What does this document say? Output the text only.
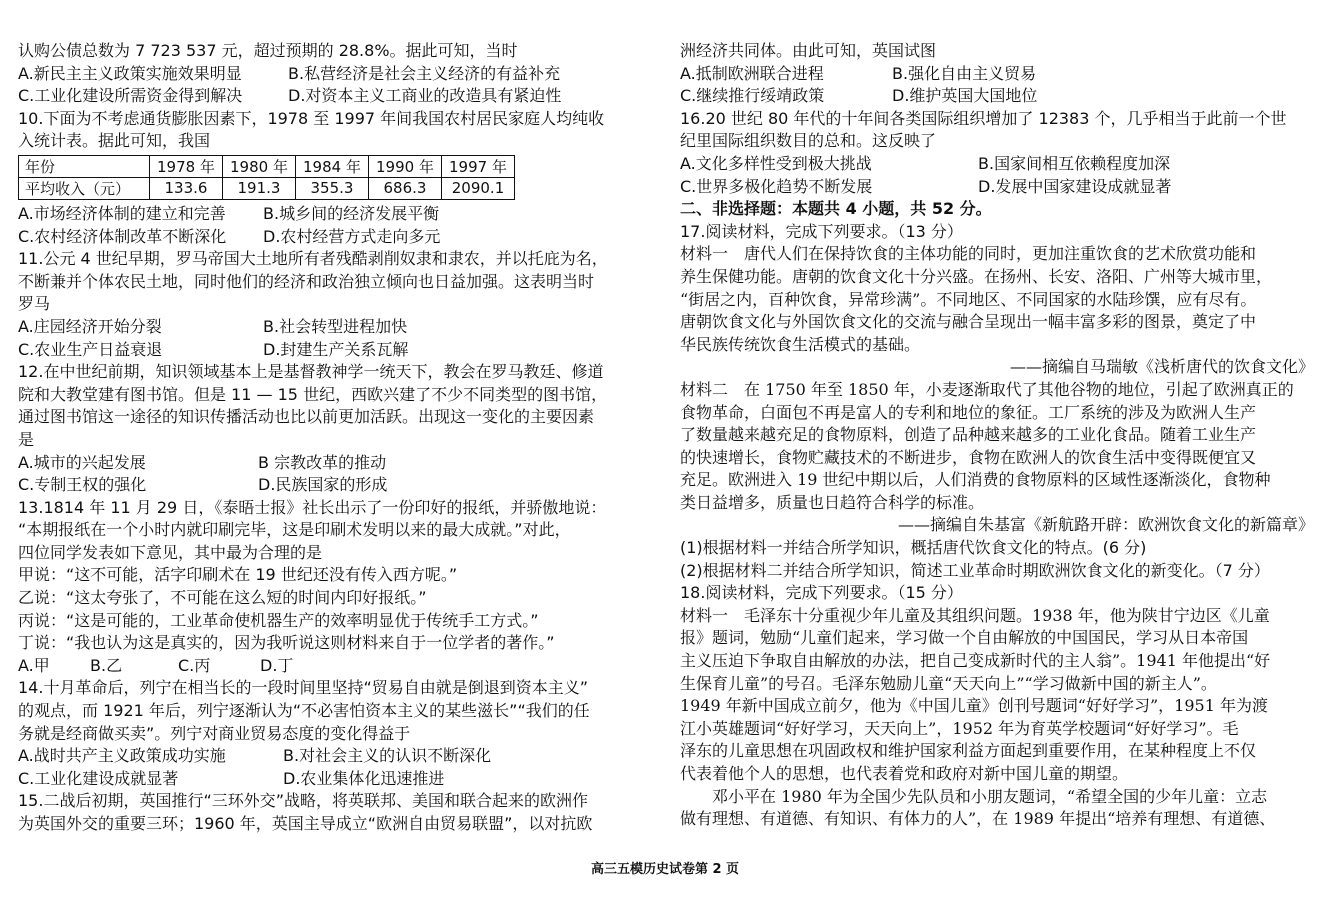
认购公债总数为 7 723 537 元，超过预期的 28.8%。据此可知，当时
A.新民主主义政策实施效果明显	B.私营经济是社会主义经济的有益补充
C.工业化建设所需资金得到解决	D.对资本主义工商业的改造具有紧迫性
10.下面为不考虑通货膨胀因素下，1978 至 1997 年间我国农村居民家庭人均纯收
入统计表。据此可知，我国
年份	1978 年	1980 年	1984 年	1990 年	1997 年
平均收入（元）	133.6	191.3	355.3	686.3	2090.1
A.市场经济体制的建立和完善	B.城乡间的经济发展平衡
C.农村经济体制改革不断深化	D.农村经营方式走向多元
11.公元 4 世纪早期，罗马帝国大土地所有者残酷剥削奴隶和隶农，并以托庇为名，
不断兼并个体农民土地，同时他们的经济和政治独立倾向也日益加强。这表明当时
罗马
A.庄园经济开始分裂	B.社会转型进程加快
C.农业生产日益衰退	D.封建生产关系瓦解
12.在中世纪前期，知识领域基本上是基督教神学一统天下，教会在罗马教廷、修道
院和大教堂建有图书馆。但是 11 — 15 世纪，西欧兴建了不少不同类型的图书馆，
通过图书馆这一途径的知识传播活动也比以前更加活跃。出现这一变化的主要因素
是
A.城市的兴起发展	B 宗教改革的推动
C.专制王权的强化	D.民族国家的形成
13.1814 年 11 月 29 日，《泰晤士报》社长出示了一份印好的报纸，并骄傲地说：
“本期报纸在一个小时内就印刷完毕，这是印刷术发明以来的最大成就。”对此，
四位同学发表如下意见，其中最为合理的是
甲说：“这不可能，活字印刷术在 19 世纪还没有传入西方呢。”
乙说：“这太夸张了，不可能在这么短的时间内印好报纸。”
丙说：“这是可能的，工业革命使机器生产的效率明显优于传统手工方式。”
丁说：“我也认为这是真实的，因为我听说这则材料来自于一位学者的著作。”
A.甲	B.乙	C.丙	D.丁
14.十月革命后，列宁在相当长的一段时间里坚持“贸易自由就是倒退到资本主义”
的观点，而 1921 年后，列宁逐渐认为“不必害怕资本主义的某些滋长”“我们的任
务就是经商做买卖”。列宁对商业贸易态度的变化得益于
A.战时共产主义政策成功实施	B.对社会主义的认识不断深化
C.工业化建设成就显著	D.农业集体化迅速推进
15.二战后初期，英国推行“三环外交”战略，将英联邦、美国和联合起来的欧洲作
为英国外交的重要三环；1960 年，英国主导成立“欧洲自由贸易联盟”，以对抗欧
洲经济共同体。由此可知，英国试图
A.抵制欧洲联合进程	B.强化自由主义贸易
C.继续推行绥靖政策	D.维护英国大国地位
16.20 世纪 80 年代的十年间各类国际组织增加了 12383 个，几乎相当于此前一个世
纪里国际组织数目的总和。这反映了
A.文化多样性受到极大挑战	B.国家间相互依赖程度加深
C.世界多极化趋势不断发展	D.发展中国家建设成就显著
二、非选择题：本题共 4 小题，共 52 分。
17.阅读材料，完成下列要求。（13 分）
材料一　唐代人们在保持饮食的主体功能的同时，更加注重饮食的艺术欣赏功能和
养生保健功能。唐朝的饮食文化十分兴盛。在扬州、长安、洛阳、广州等大城市里，
“街居之内，百种饮食，异常珍满”。不同地区、不同国家的水陆珍馔，应有尽有。
唐朝饮食文化与外国饮食文化的交流与融合呈现出一幅丰富多彩的图景，奠定了中
华民族传统饮食生活模式的基础。
——摘编自马瑞敏《浅析唐代的饮食文化》
材料二　在 1750 年至 1850 年，小麦逐渐取代了其他谷物的地位，引起了欧洲真正的
食物革命，白面包不再是富人的专利和地位的象征。工厂系统的涉及为欧洲人生产
了数量越来越充足的食物原料，创造了品种越来越多的工业化食品。随着工业生产
的快速增长，食物贮藏技术的不断进步，食物在欧洲人的饮食生活中变得既便宜又
充足。欧洲进入 19 世纪中期以后，人们消费的食物原料的区域性逐渐淡化，食物种
类日益增多，质量也日趋符合科学的标准。
——摘编自朱基富《新航路开辟：欧洲饮食文化的新篇章》
(1)根据材料一并结合所学知识，概括唐代饮食文化的特点。(6 分)
(2)根据材料二并结合所学知识，简述工业革命时期欧洲饮食文化的新变化。（7 分）
18.阅读材料，完成下列要求。（15 分）
材料一　毛泽东十分重视少年儿童及其组织问题。1938 年，他为陕甘宁边区《儿童
报》题词，勉励“儿童们起来，学习做一个自由解放的中国国民，学习从日本帝国
主义压迫下争取自由解放的办法，把自己变成新时代的主人翁”。1941 年他提出“好
生保育儿童”的号召。毛泽东勉励儿童“天天向上”“学习做新中国的新主人”。
1949 年新中国成立前夕，他为《中国儿童》创刊号题词“好好学习”，1951 年为渡
江小英雄题词“好好学习，天天向上”，1952 年为育英学校题词“好好学习”。毛
泽东的儿童思想在巩固政权和维护国家利益方面起到重要作用，在某种程度上不仅
代表着他个人的思想，也代表着党和政府对新中国儿童的期望。
邓小平在 1980 年为全国少先队员和小朋友题词，“希望全国的少年儿童：立志
做有理想、有道德、有知识、有体力的人”，在 1989 年提出“培养有理想、有道德、
高三五模历史试卷第 2 页
